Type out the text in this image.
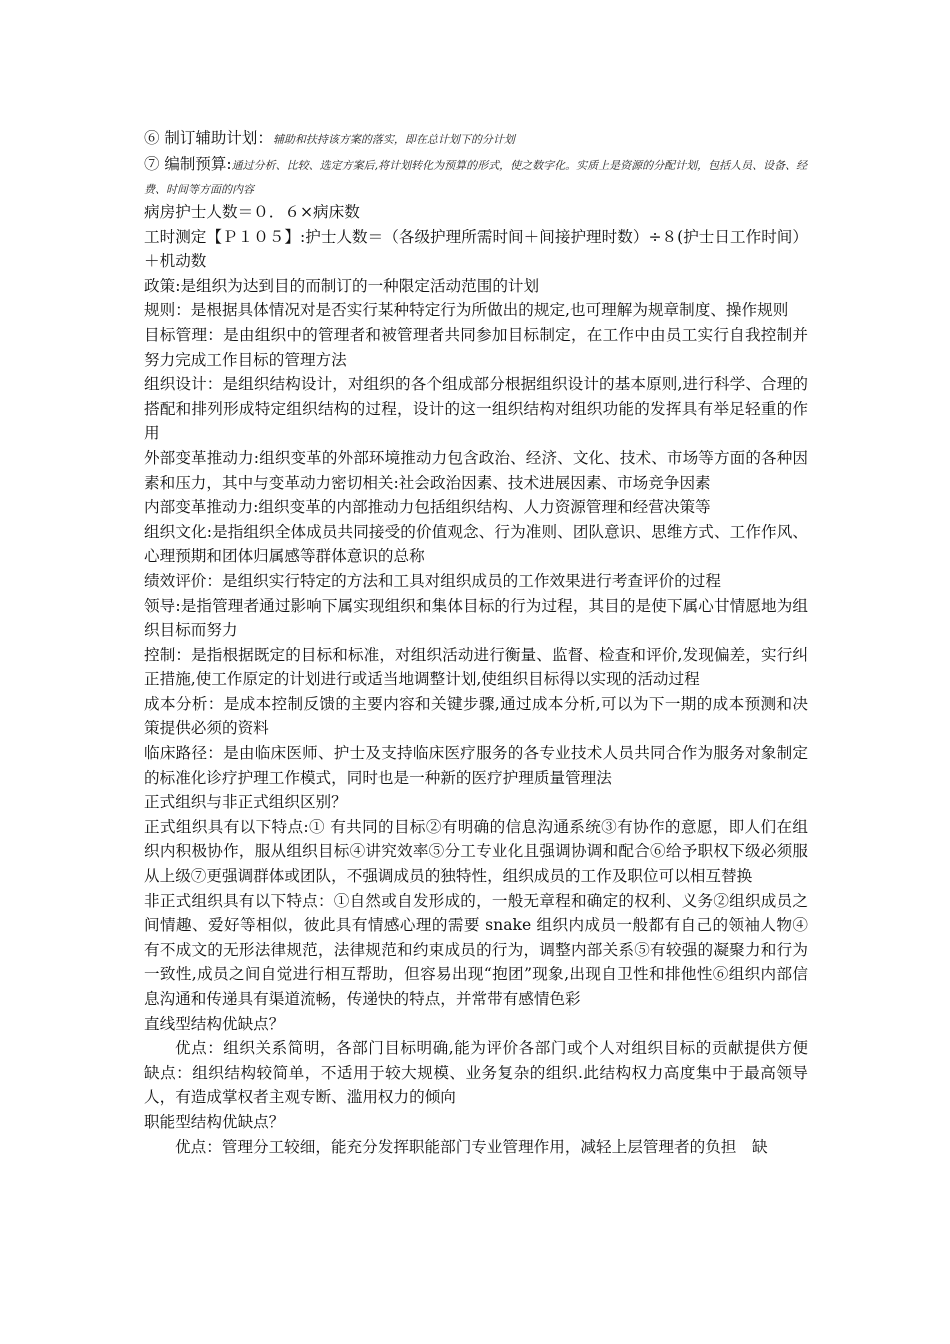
⑥ 制订辅助计划：辅助和扶持该方案的落实，即在总计划下的分计划
⑦ 编制预算:通过分析、比较、选定方案后,将计划转化为预算的形式，使之数字化。实质上是资源的分配计划，包括人员、设备、经费、时间等方面的内容

病房护士人数＝０．６×病床数

工时测定【Ｐ１０５】:护士人数＝（各级护理所需时间＋间接护理时数）÷８(护士日工作时间）＋机动数

政策:是组织为达到目的而制订的一种限定活动范围的计划

规则：是根据具体情况对是否实行某种特定行为所做出的规定,也可理解为规章制度、操作规则

目标管理：是由组织中的管理者和被管理者共同参加目标制定，在工作中由员工实行自我控制并努力完成工作目标的管理方法

组织设计：是组织结构设计，对组织的各个组成部分根据组织设计的基本原则,进行科学、合理的搭配和排列形成特定组织结构的过程，设计的这一组织结构对组织功能的发挥具有举足轻重的作用

外部变革推动力:组织变革的外部环境推动力包含政治、经济、文化、技术、市场等方面的各种因素和压力，其中与变革动力密切相关:社会政治因素、技术进展因素、市场竞争因素

内部变革推动力:组织变革的内部推动力包括组织结构、人力资源管理和经营决策等

组织文化:是指组织全体成员共同接受的价值观念、行为准则、团队意识、思维方式、工作作风、心理预期和团体归属感等群体意识的总称

绩效评价：是组织实行特定的方法和工具对组织成员的工作效果进行考查评价的过程

领导:是指管理者通过影响下属实现组织和集体目标的行为过程，其目的是使下属心甘情愿地为组织目标而努力

控制：是指根据既定的目标和标准，对组织活动进行衡量、监督、检查和评价,发现偏差，实行纠正措施,使工作原定的计划进行或适当地调整计划,使组织目标得以实现的活动过程

成本分析：是成本控制反馈的主要内容和关键步骤,通过成本分析,可以为下一期的成本预测和决策提供必须的资料

临床路径：是由临床医师、护士及支持临床医疗服务的各专业技术人员共同合作为服务对象制定的标准化诊疗护理工作模式，同时也是一种新的医疗护理质量管理法

正式组织与非正式组织区别？

正式组织具有以下特点:① 有共同的目标②有明确的信息沟通系统③有协作的意愿，即人们在组织内积极协作，服从组织目标④讲究效率⑤分工专业化且强调协调和配合⑥给予职权下级必须服从上级⑦更强调群体或团队，不强调成员的独特性，组织成员的工作及职位可以相互替换

非正式组织具有以下特点：①自然或自发形成的，一般无章程和确定的权利、义务②组织成员之间情趣、爱好等相似，彼此具有情感心理的需要 snake 组织内成员一般都有自己的领袖人物④有不成文的无形法律规范，法律规范和约束成员的行为，调整内部关系⑤有较强的凝聚力和行为一致性,成员之间自觉进行相互帮助，但容易出现“抱团”现象,出现自卫性和排他性⑥组织内部信息沟通和传递具有渠道流畅，传递快的特点，并常带有感情色彩

直线型结构优缺点？

优点：组织关系简明，各部门目标明确,能为评价各部门或个人对组织目标的贡献提供方便　缺点：组织结构较简单，不适用于较大规模、业务复杂的组织.此结构权力高度集中于最高领导人，有造成掌权者主观专断、滥用权力的倾向

职能型结构优缺点？

优点：管理分工较细，能充分发挥职能部门专业管理作用，减轻上层管理者的负担　缺
